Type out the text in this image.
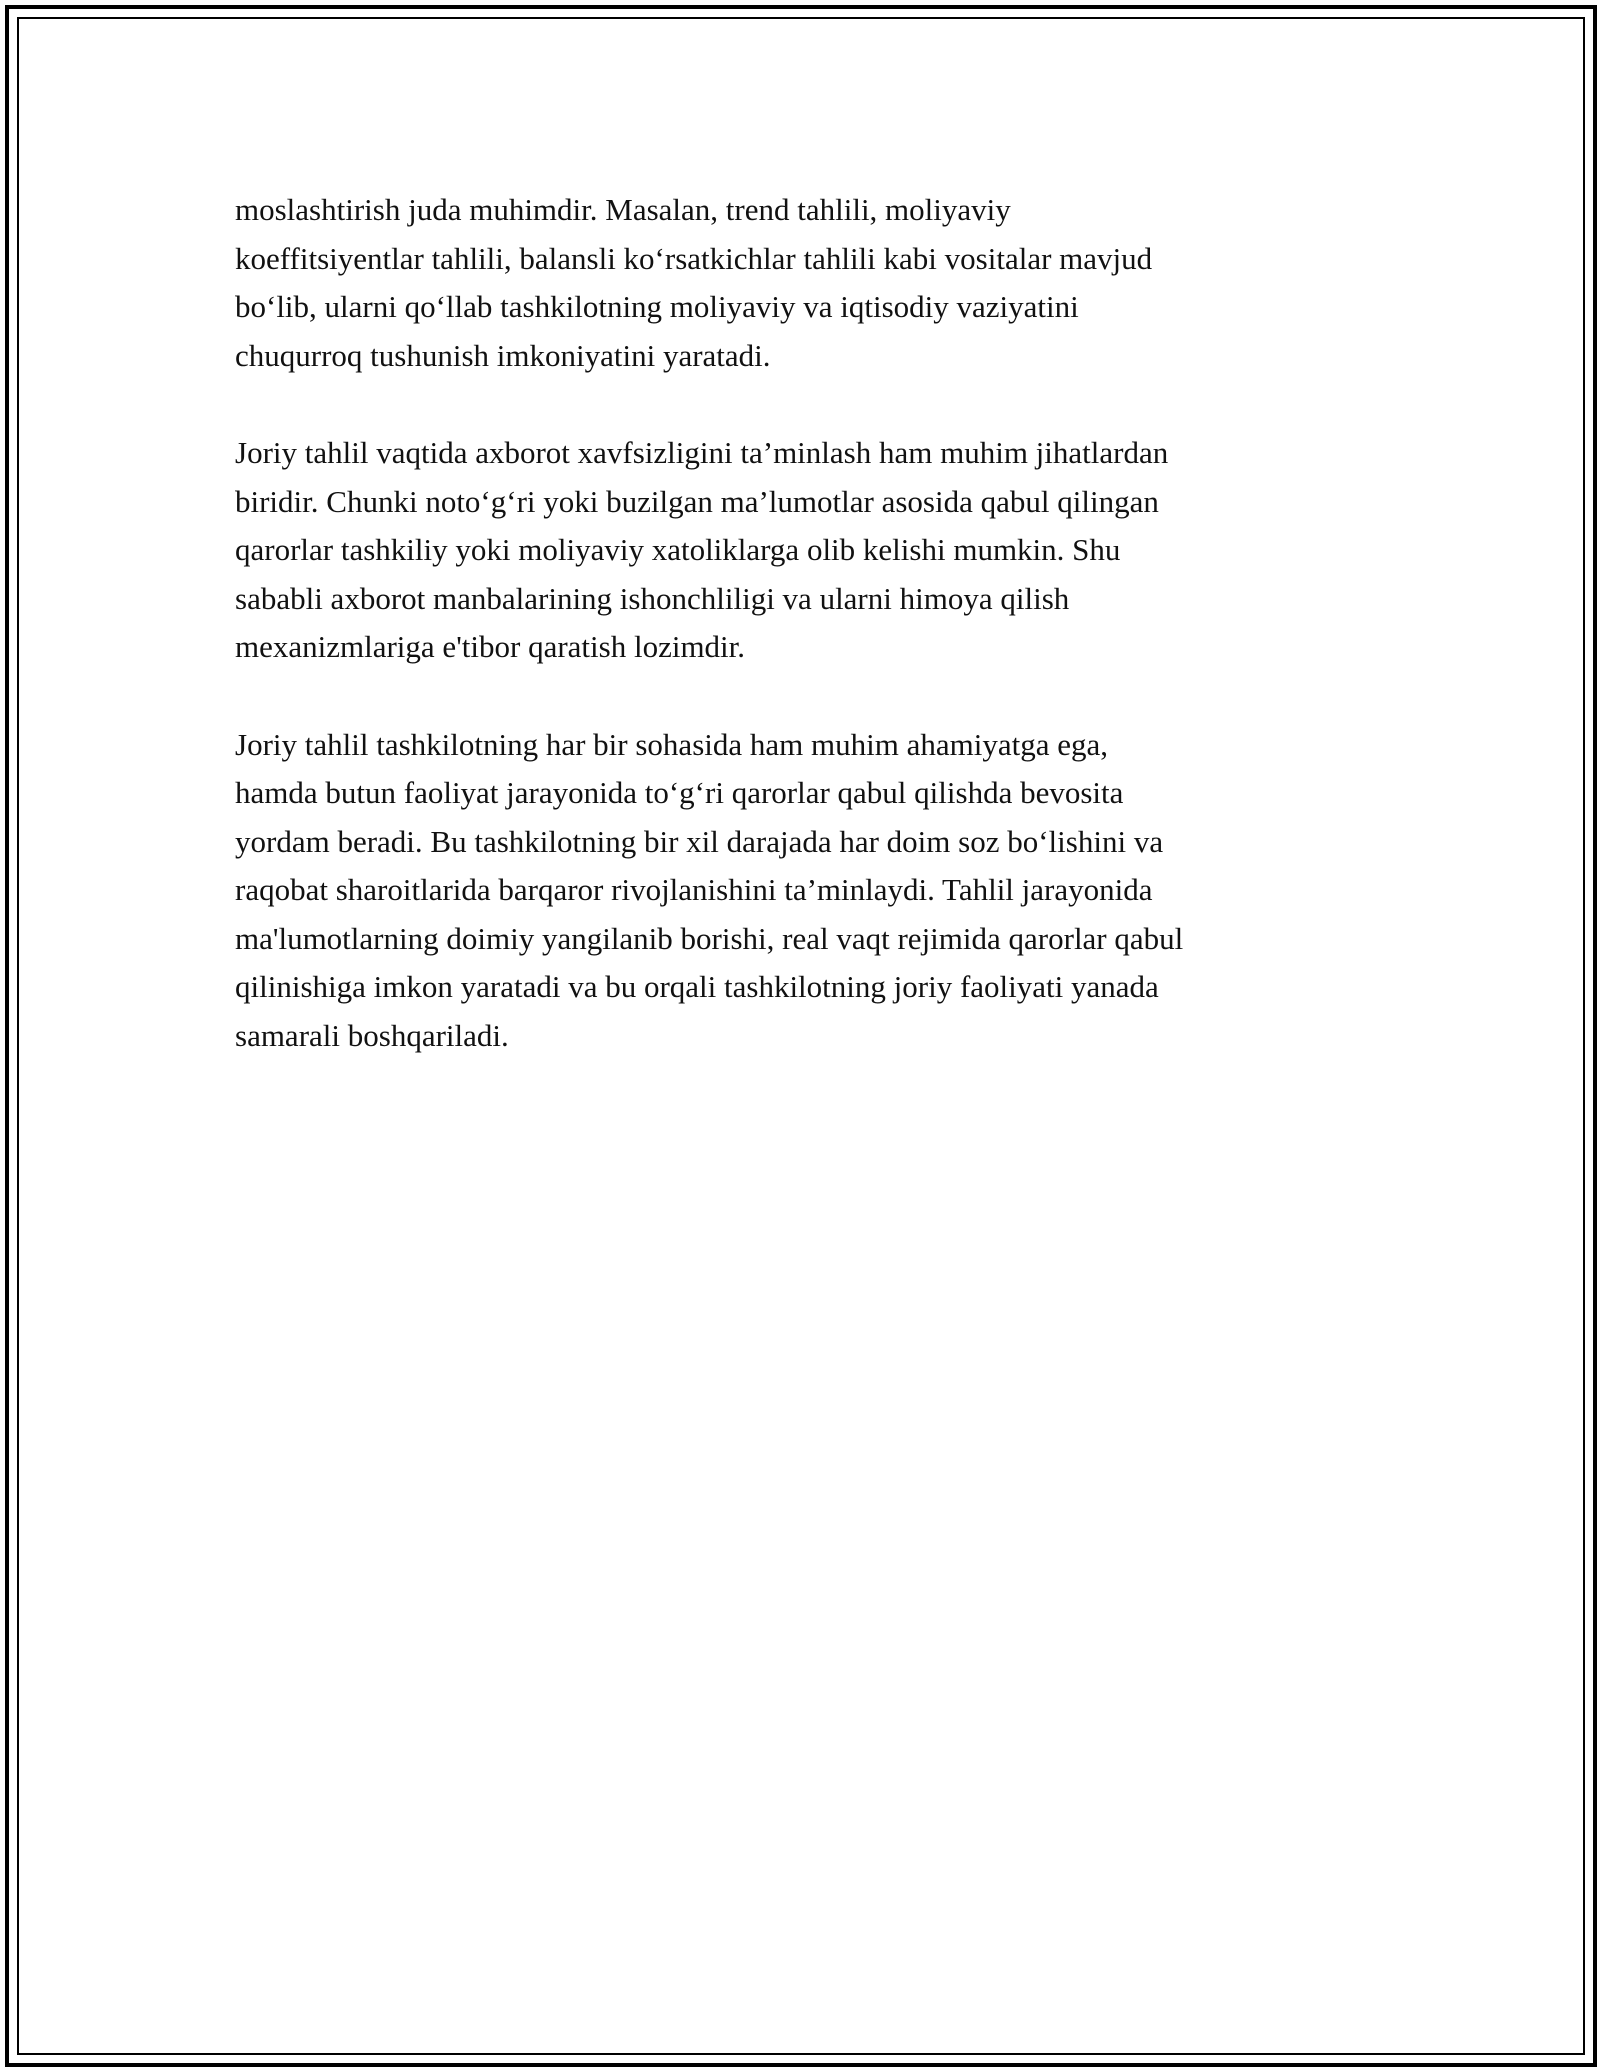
moslashtirish juda muhimdir. Masalan, trend tahlili, moliyaviy
koeffitsiyentlar tahlili, balansli ko‘rsatkichlar tahlili kabi vositalar mavjud
bo‘lib, ularni qo‘llab tashkilotning moliyaviy va iqtisodiy vaziyatini
chuqurroq tushunish imkoniyatini yaratadi.

Joriy tahlil vaqtida axborot xavfsizligini ta’minlash ham muhim jihatlardan
biridir. Chunki noto‘g‘ri yoki buzilgan ma’lumotlar asosida qabul qilingan
qarorlar tashkiliy yoki moliyaviy xatoliklarga olib kelishi mumkin. Shu
sababli axborot manbalarining ishonchliligi va ularni himoya qilish
mexanizmlariga e'tibor qaratish lozimdir.

Joriy tahlil tashkilotning har bir sohasida ham muhim ahamiyatga ega,
hamda butun faoliyat jarayonida to‘g‘ri qarorlar qabul qilishda bevosita
yordam beradi. Bu tashkilotning bir xil darajada har doim soz bo‘lishini va
raqobat sharoitlarida barqaror rivojlanishini ta’minlaydi. Tahlil jarayonida
ma'lumotlarning doimiy yangilanib borishi, real vaqt rejimida qarorlar qabul
qilinishiga imkon yaratadi va bu orqali tashkilotning joriy faoliyati yanada
samarali boshqariladi.
